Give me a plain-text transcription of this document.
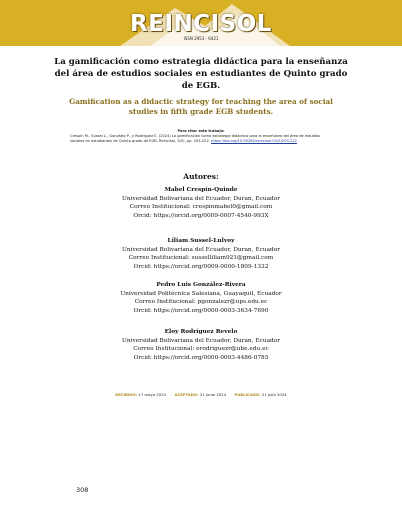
REINCISOL
ISSN 2953 - 6421
La gamificación como estrategia didáctica para la enseñanza del área de estudios sociales en estudiantes de Quinto grado de EGB.
Gamification as a didactic strategy for teaching the area of social studies in fifth grade EGB students.
Para citar este trabajo:
Crespín M., Sussel L., González P., y Rodríguez E. (2024) La gamificación como estrategia didáctica para la enseñanza del área de estudios sociales en estudiantes de Quinto grado de EGB. Reincisol, 3(5), pp. 203-222. https://doi.org/10.59282/reincisol.V3(5)203-222
Autores:
Mabel Crespín-Quinde
Universidad Bolivariana del Ecuador, Duran, Ecuador
Correo Institucional: crespinmabel0@gmail.com
Orcid: https://orcid.org/0009-0007-4540-993X
Liliam Sussel-Lulvoy
Universidad Bolivariana del Ecuador, Duran, Ecuador
Correo Institucional: susselliliam921@gmail.com
Orcid: https://orcid.org/0009-0000-1809-1332
Pedro Luis González-Rivera
Universidad Politécnica Salesiana, Guayaquil, Ecuador
Correo Institucional: pgonzalezr@ups.edu.ec
Orcid: https://orcid.org/0000-0003-3634-7690
Eloy Rodríguez Revelo
Universidad Bolivariana del Ecuador, Duran, Ecuador
Correo Institucional: erodriguezr@ube.edu.ec
Orcid: https://orcid.org/0000-0003-4486-0785
RECIBIDO: 17 mayo 2024 ACEPTADO: 21 junio 2024 PUBLICADO: 21 julio 2024
308
